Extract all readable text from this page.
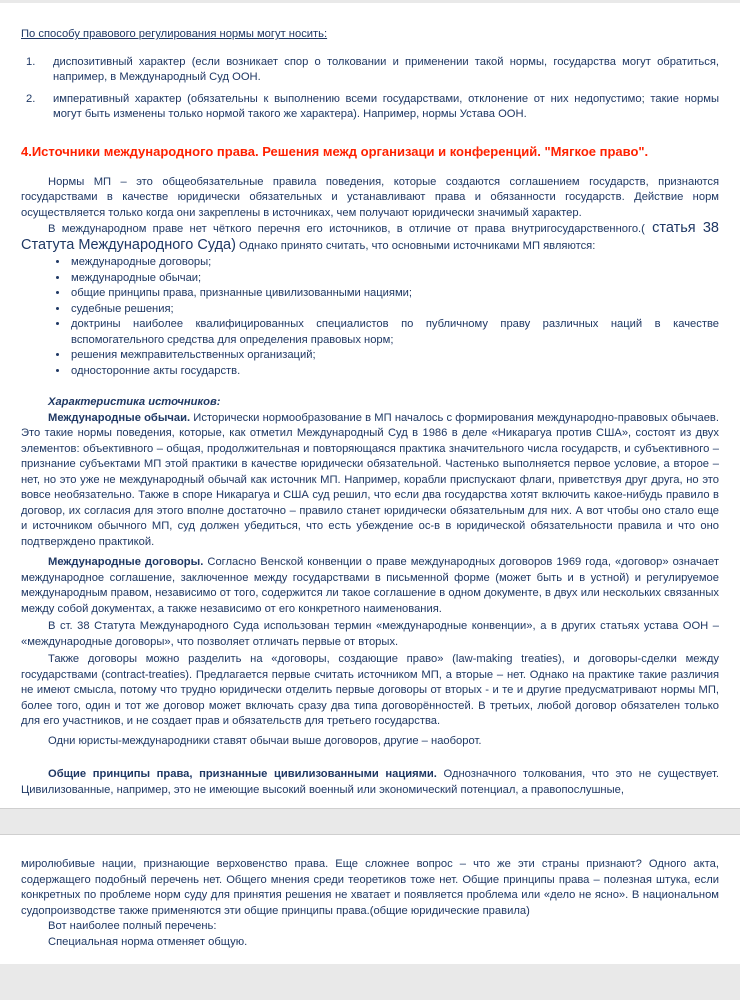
По способу правового регулирования нормы могут носить:

1.	диспозитивный характер (если возникает спор о толковании и применении такой нормы, государства могут обратиться, например, в Международный Суд ООН.
2.	императивный характер (обязательны к выполнению всеми государствами, отклонение от них недопустимо; такие нормы могут быть изменены только нормой такого же характера). Например, нормы Устава ООН.
4.Источники международного права. Решения межд организаци и конференций. "Мягкое право".

Нормы МП – это общеобязательные правила поведения, которые создаются соглашением государств, признаются государствами в качестве юридически обязательных и устанавливают права и обязанности государств. Действие норм осуществляется только когда они закреплены в источниках, чем получают юридически значимый характер.

В международном праве нет чёткого перечня его источников, в отличие от права внутригосударственного.( статья 38 Статута Международного Суда) Однако принято считать, что основными источниками МП являются:

• международные договоры;
• международные обычаи;
• общие принципы права, признанные цивилизованными нациями;
• судебные решения;
• доктрины наиболее квалифицированных специалистов по публичному праву различных наций в качестве вспомогательного средства для определения правовых норм;
• решения межправительственных организаций;
• односторонние акты государств.

Характеристика источников:

Международные обычаи. Исторически нормообразование в МП началось с формирования международно-правовых обычаев. Это такие нормы поведения, которые, как отметил Международный Суд в 1986 в деле «Никарагуа против США», состоят из двух элементов: объективного – общая, продолжительная и повторяющаяся практика значительного числа государств, и субъективного – признание субъектами МП этой практики в качестве юридически обязательной. Частенько выполняется первое условие, а второе – нет, но это уже не международный обычай как источник МП. Например, корабли приспускают флаги, приветствуя друг друга, но это вовсе необязательно. Также в споре Никарагуа и США суд решил, что если два государства хотят включить какое-нибудь правило в договор, их согласия для этого вполне достаточно – правило станет юридически обязательным для них. А вот чтобы оно стало еще и источником обычного МП, суд должен убедиться, что есть убеждение ос-в в юридической обязательности правила и что оно подтверждено практикой.

Международные договоры. Согласно Венской конвенции о праве международных договоров 1969 года, «договор» означает международное соглашение, заключенное между государствами в письменной форме (может быть и в устной) и регулируемое международным правом, независимо от того, содержится ли такое соглашение в одном документе, в двух или нескольких связанных между собой документах, а также независимо от его конкретного наименования.

В ст. 38 Статута Международного Суда использован термин «международные конвенции», а в других статьях устава ООН – «международные договоры», что позволяет отличать первые от вторых.

Также договоры можно разделить на «договоры, создающие право» (law-making treaties), и договоры-сделки между государствами (contract-treaties). Предлагается первые считать источником МП, а вторые – нет. Однако на практике такие различия не имеют смысла, потому что трудно юридически отделить первые договоры от вторых - и те и другие предусматривают нормы МП, более того, один и тот же договор может включать сразу два типа договорённостей. В третьих, любой договор обязателен только для его участников, и не создает прав и обязательств для третьего государства.

Одни юристы-международники ставят обычаи выше договоров, другие – наоборот.

Общие принципы права, признанные цивилизованными нациями. Однозначного толкования, что это не существует. Цивилизованные, например, это не имеющие высокий военный или экономический потенциал, а правопослушные,

миролюбивые нации, признающие верховенство права. Еще сложнее вопрос – что же эти страны признают? Одного акта, содержащего подобный перечень нет. Общего мнения среди теоретиков тоже нет. Общие принципы права – полезная штука, если конкретных по проблеме норм суду для принятия решения не хватает и появляется проблема или «дело не ясно». В национальном судопроизводстве также применяются эти общие принципы права.(общие юридические правила)

Вот наиболее полный перечень:

Специальная норма отменяет общую.
